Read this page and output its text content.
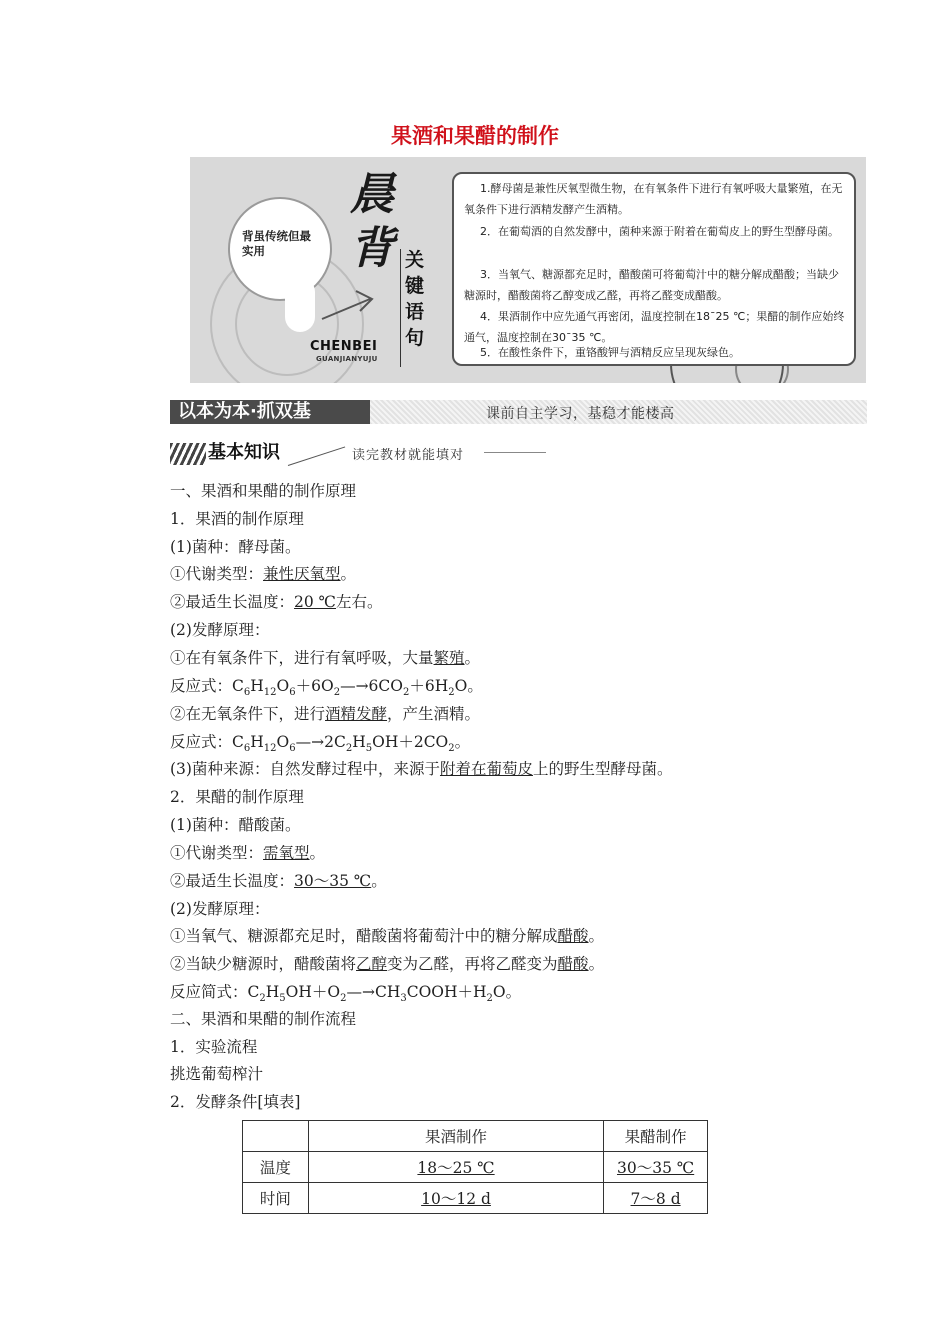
果酒和果醋的制作
背虽传统但最实用
晨
背 关键语句
CHENBEI
GUANJIANYUJU
1.酵母菌是兼性厌氧型微生物，在有氧条件下进行有氧呼吸大量繁殖，在无氧条件下进行酒精发酵产生酒精。
2．在葡萄酒的自然发酵中，菌种来源于附着在葡萄皮上的野生型酵母菌。
3．当氧气、糖源都充足时，醋酸菌可将葡萄汁中的糖分解成醋酸；当缺少糖源时，醋酸菌将乙醇变成乙醛，再将乙醛变成醋酸。
4．果酒制作中应先通气再密闭，温度控制在18¯25 ℃；果醋的制作应始终通气，温度控制在30¯35 ℃。
5．在酸性条件下，重铬酸钾与酒精反应呈现灰绿色。
以本为本·抓双基	课前自主学习，基稳才能楼高
基本知识	读完教材就能填对
一、果酒和果醋的制作原理
1．果酒的制作原理
(1)菌种：酵母菌。
①代谢类型：兼性厌氧型。
②最适生长温度：20 ℃左右。
(2)发酵原理：
①在有氧条件下，进行有氧呼吸，大量繁殖。
反应式：$C_6H_{12}O_6+6O_2—\to 6CO_2+6H_2O$。
②在无氧条件下，进行酒精发酵，产生酒精。
反应式：$C_6H_{12}O_6—\to 2C_2H_5OH+2CO_2$。
(3)菌种来源：自然发酵过程中，来源于附着在葡萄皮上的野生型酵母菌。
2．果醋的制作原理
(1)菌种：醋酸菌。
①代谢类型：需氧型。
②最适生长温度：30～35 ℃。
(2)发酵原理：
①当氧气、糖源都充足时，醋酸菌将葡萄汁中的糖分解成醋酸。
②当缺少糖源时，醋酸菌将乙醇变为乙醛，再将乙醛变为醋酸。
反应简式：$C_2H_5OH+O_2—\to CH_3COOH+H_2O$。
二、果酒和果醋的制作流程
1．实验流程
挑选葡萄榨汁
2．发酵条件[填表]
	果酒制作	果醋制作
温度	18～25 ℃	30～35 ℃
时间	10～12 d	7～8 d
